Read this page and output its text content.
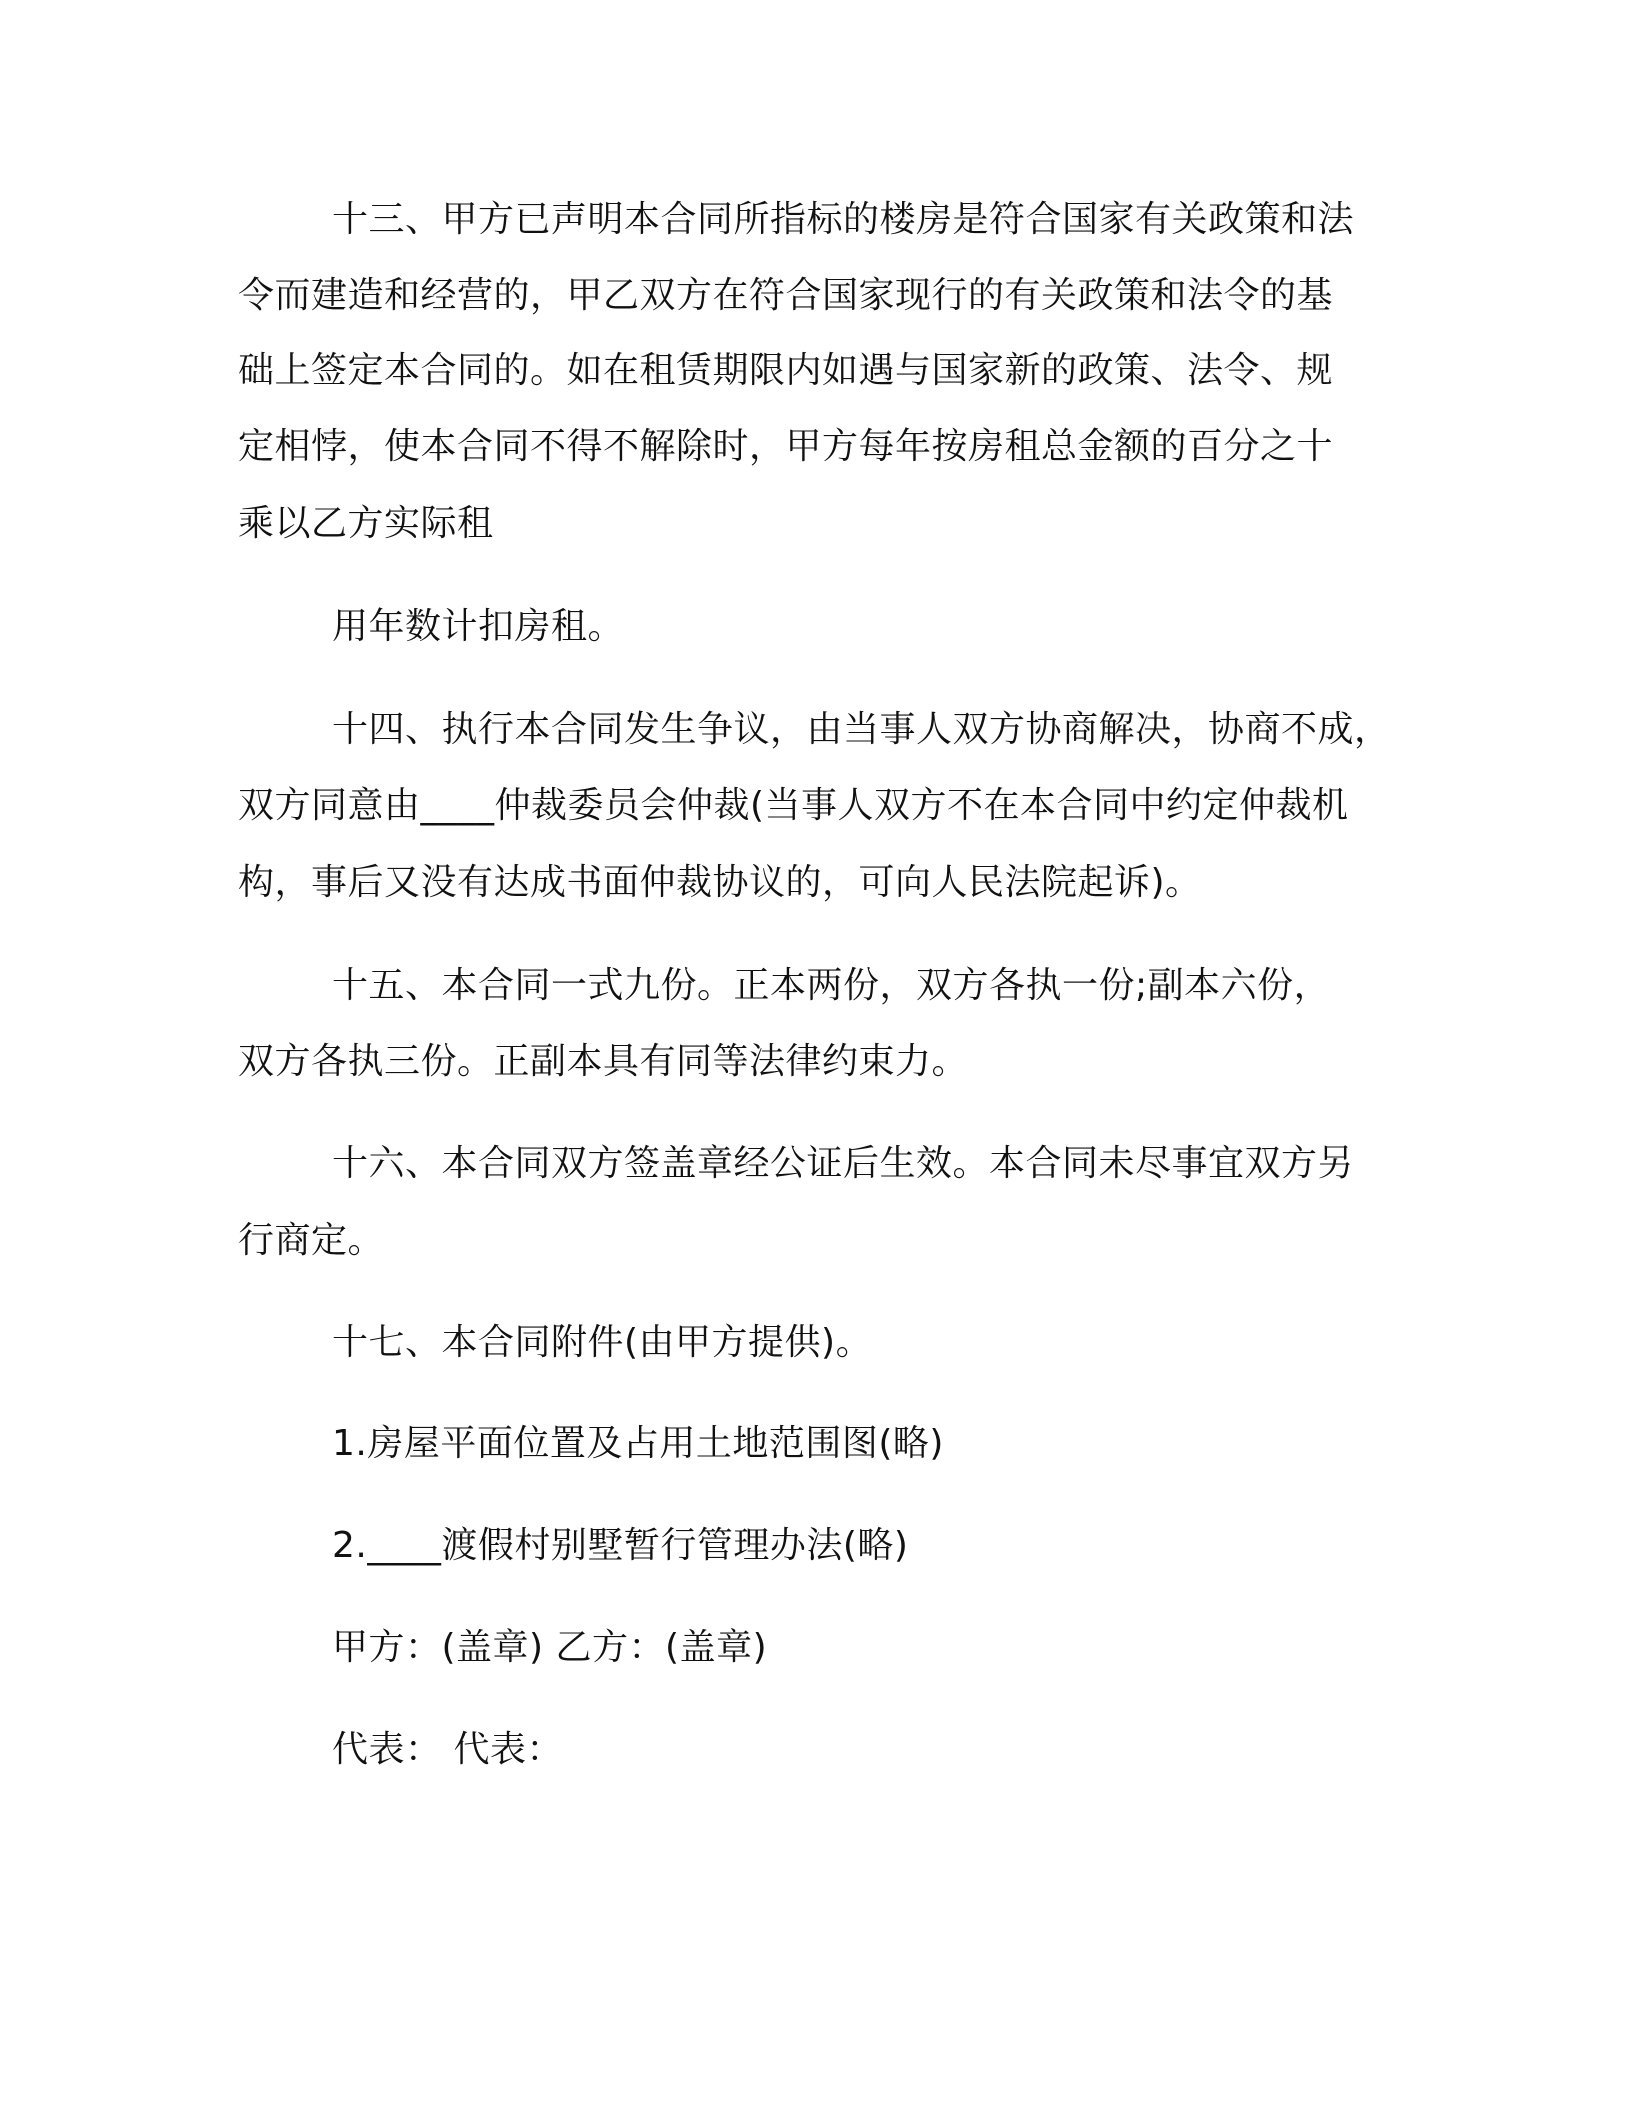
十三、甲方已声明本合同所指标的楼房是符合国家有关政策和法
令而建造和经营的，甲乙双方在符合国家现行的有关政策和法令的基
础上签定本合同的。如在租赁期限内如遇与国家新的政策、法令、规
定相悖，使本合同不得不解除时，甲方每年按房租总金额的百分之十
乘以乙方实际租
用年数计扣房租。
十四、执行本合同发生争议，由当事人双方协商解决，协商不成，
双方同意由____仲裁委员会仲裁(当事人双方不在本合同中约定仲裁机
构，事后又没有达成书面仲裁协议的，可向人民法院起诉)。
十五、本合同一式九份。正本两份，双方各执一份;副本六份，
双方各执三份。正副本具有同等法律约束力。
十六、本合同双方签盖章经公证后生效。本合同未尽事宜双方另
行商定。
十七、本合同附件(由甲方提供)。
1.房屋平面位置及占用土地范围图(略)
2.____渡假村别墅暂行管理办法(略)
甲方：(盖章) 乙方：(盖章)
代表： 代表：
